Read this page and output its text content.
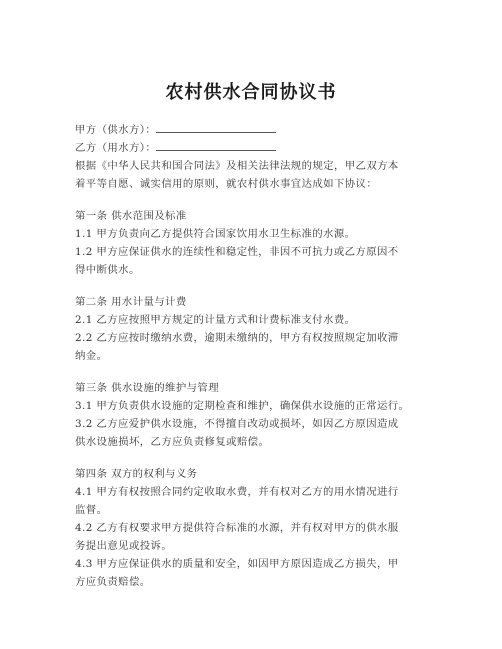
农村供水合同协议书
甲方（供水方）：
乙方（用水方）：
根据《中华人民共和国合同法》及相关法律法规的规定，甲乙双方本
着平等自愿、诚实信用的原则，就农村供水事宜达成如下协议：
第一条 供水范围及标准
1.1 甲方负责向乙方提供符合国家饮用水卫生标准的水源。
1.2 甲方应保证供水的连续性和稳定性，非因不可抗力或乙方原因不
得中断供水。
第二条 用水计量与计费
2.1 乙方应按照甲方规定的计量方式和计费标准支付水费。
2.2 乙方应按时缴纳水费，逾期未缴纳的，甲方有权按照规定加收滞
纳金。
第三条 供水设施的维护与管理
3.1 甲方负责供水设施的定期检查和维护，确保供水设施的正常运行。
3.2 乙方应爱护供水设施，不得擅自改动或损坏，如因乙方原因造成
供水设施损坏，乙方应负责修复或赔偿。
第四条 双方的权利与义务
4.1 甲方有权按照合同约定收取水费，并有权对乙方的用水情况进行
监督。
4.2 乙方有权要求甲方提供符合标准的水源，并有权对甲方的供水服
务提出意见或投诉。
4.3 甲方应保证供水的质量和安全，如因甲方原因造成乙方损失，甲
方应负责赔偿。
